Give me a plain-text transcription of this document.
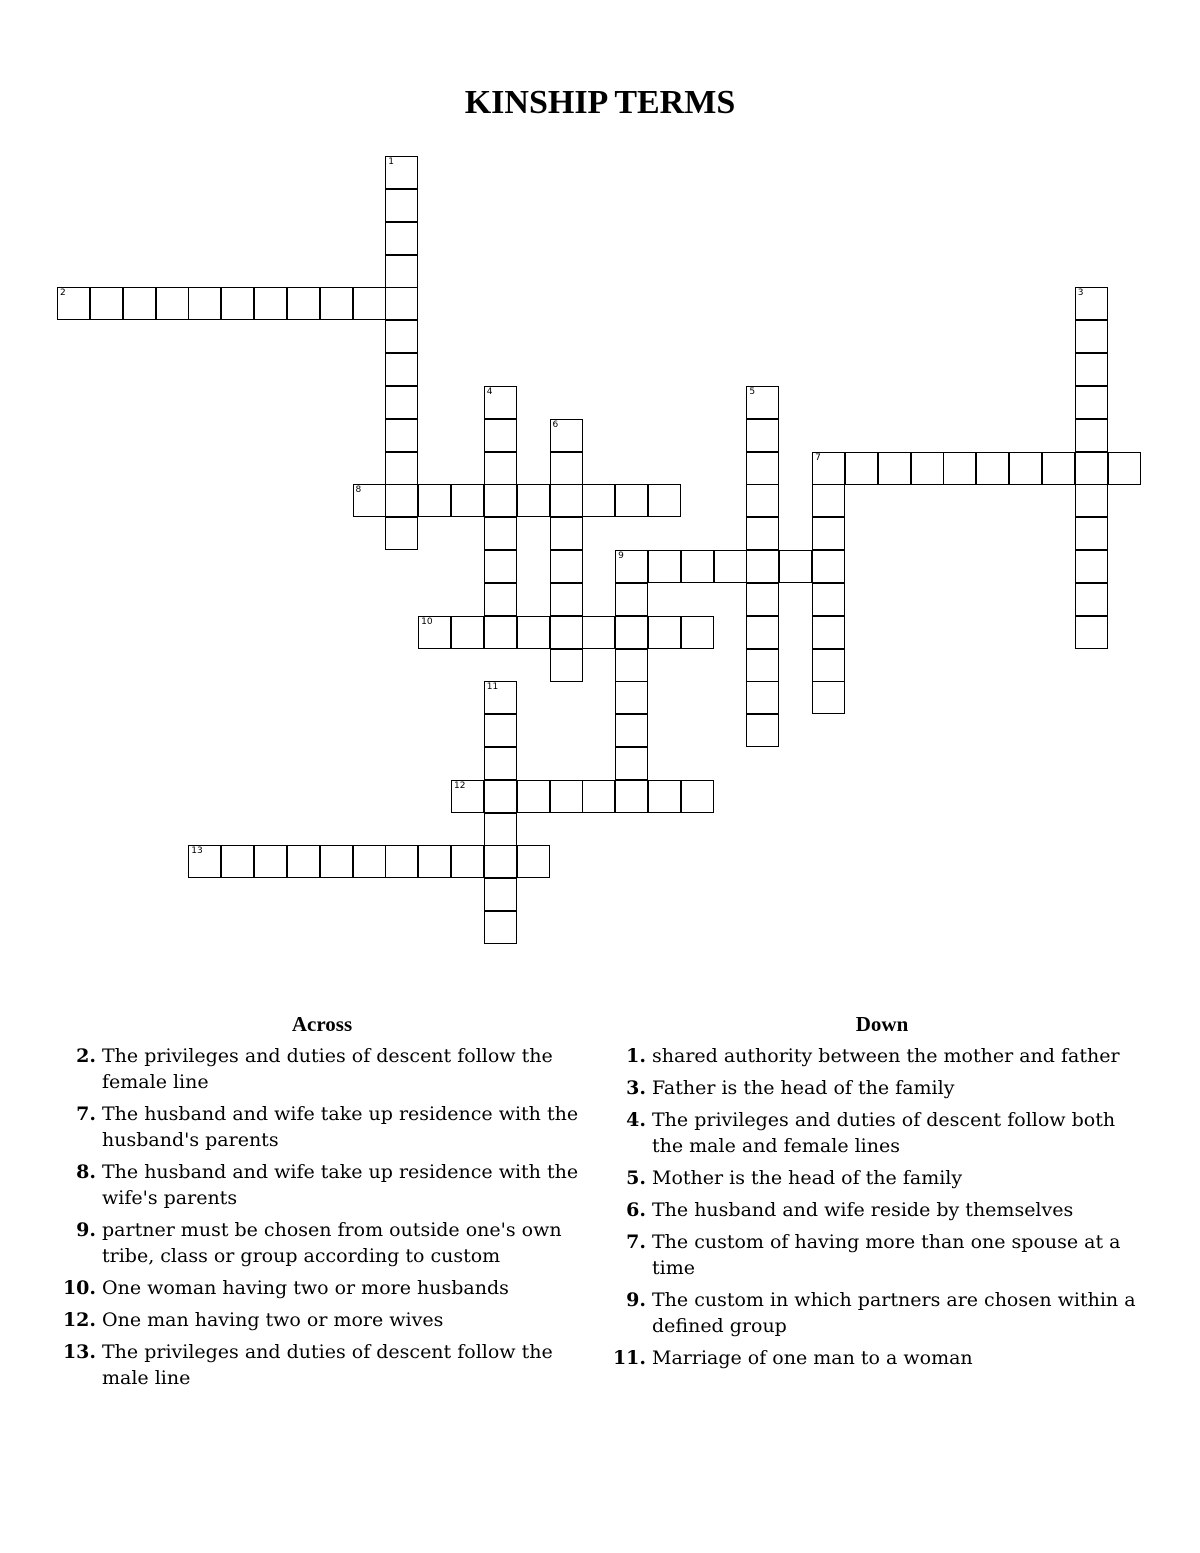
KINSHIP TERMS
1
2	3
4	5
6
7
8
9
10
11
12
13
Across
2. The privileges and duties of descent follow the female line
7. The husband and wife take up residence with the husband's parents
8. The husband and wife take up residence with the wife's parents
9. partner must be chosen from outside one's own tribe, class or group according to custom
10. One woman having two or more husbands
12. One man having two or more wives
13. The privileges and duties of descent follow the male line
Down
1. shared authority between the mother and father
3. Father is the head of the family
4. The privileges and duties of descent follow both the male and female lines
5. Mother is the head of the family
6. The husband and wife reside by themselves
7. The custom of having more than one spouse at a time
9. The custom in which partners are chosen within a defined group
11. Marriage of one man to a woman
